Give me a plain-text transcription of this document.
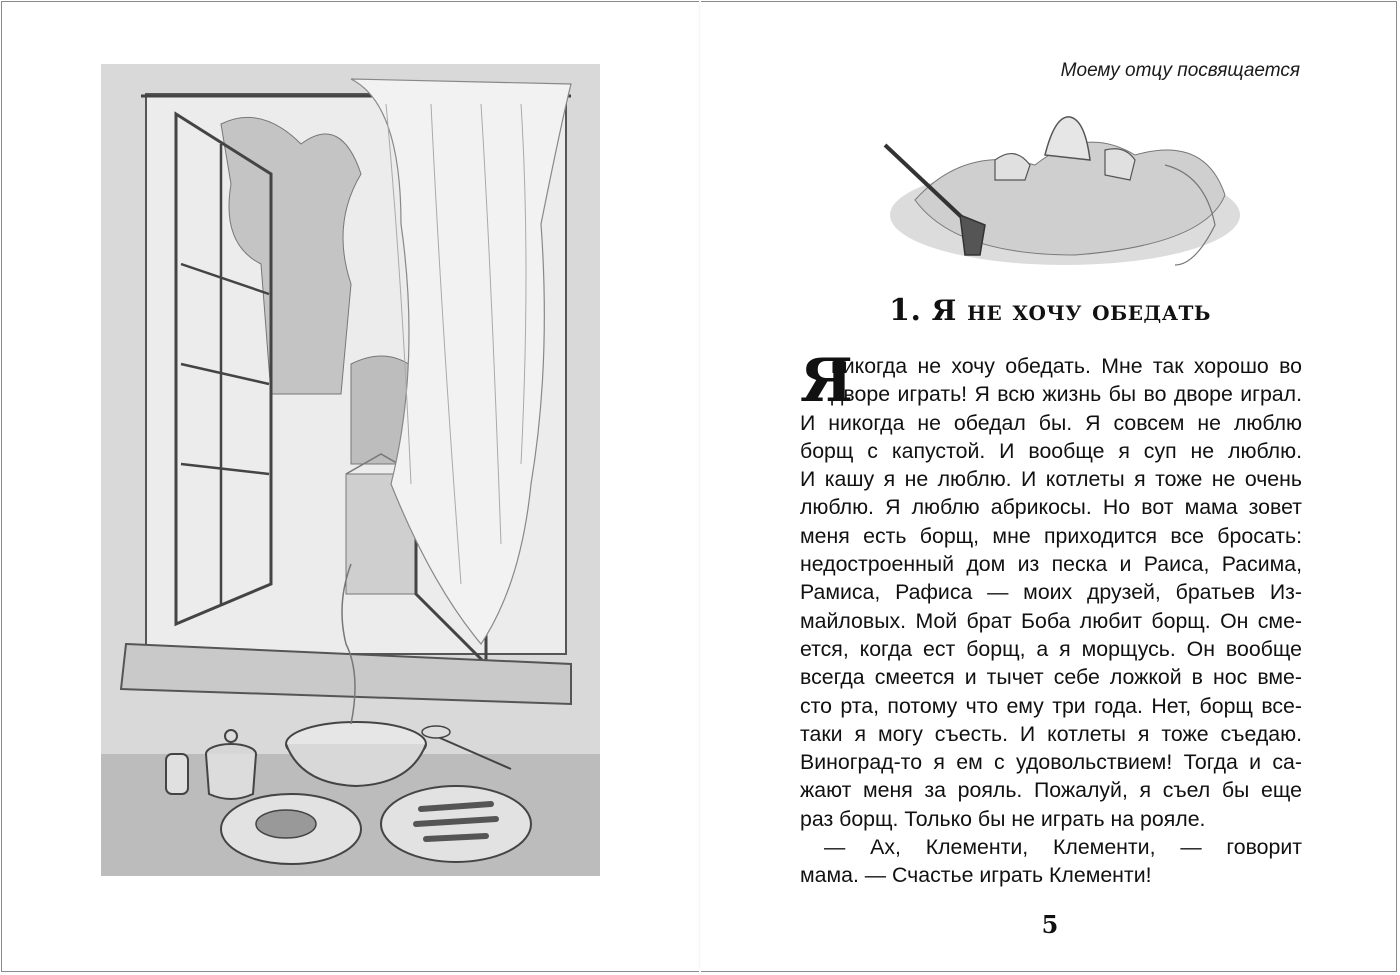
Моему отцу посвящается
1. Я не хочу обедать
Я
никогда не хочу обедать. Мне так хорошо во
дворе играть! Я всю жизнь бы во дворе играл.
И никогда не обедал бы. Я совсем не люблю
борщ с капустой. И вообще я суп не люблю.
И кашу я не люблю. И котлеты я тоже не очень
люблю. Я люблю абрикосы. Но вот мама зовет
меня есть борщ, мне приходится все бросать:
недостроенный дом из песка и Раиса, Расима,
Рамиса, Рафиса — моих друзей, братьев Из-
майловых. Мой брат Боба любит борщ. Он сме-
ется, когда ест борщ, а я морщусь. Он вообще
всегда смеется и тычет себе ложкой в нос вме-
сто рта, потому что ему три года. Нет, борщ все-
таки я могу съесть. И котлеты я тоже съедаю.
Виноград-то я ем с удовольствием! Тогда и са-
жают меня за рояль. Пожалуй, я съел бы еще
раз борщ. Только бы не играть на рояле.
— Ах, Клементи, Клементи, — говорит
мама. — Счастье играть Клементи!
5
